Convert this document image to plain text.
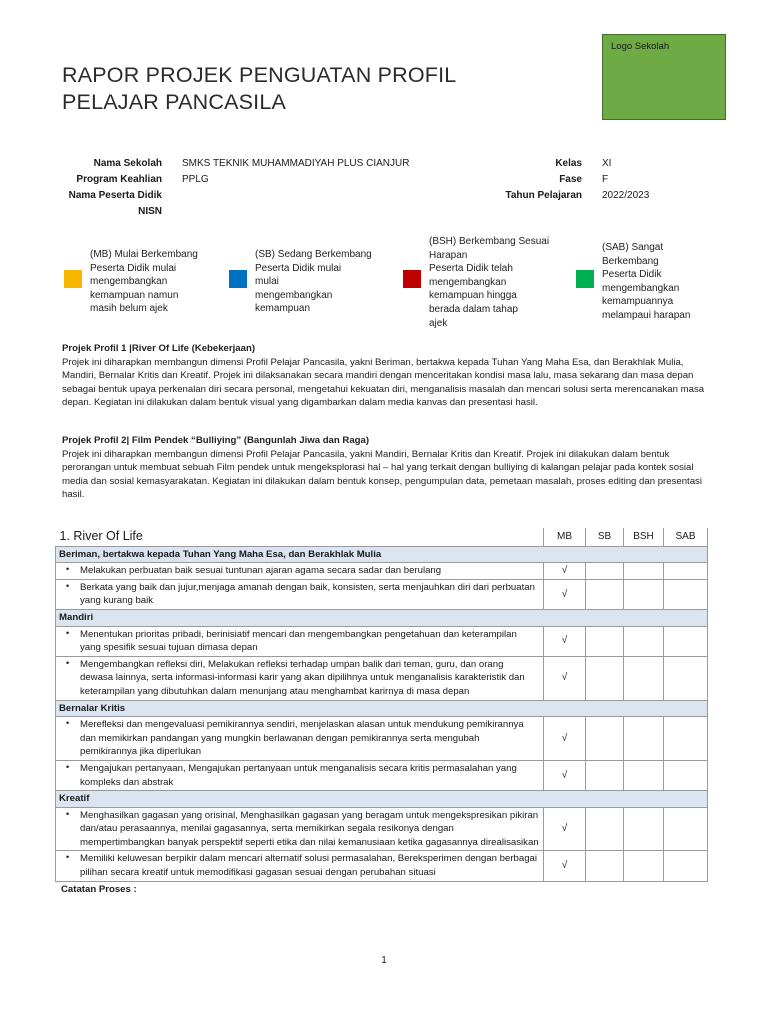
RAPOR PROJEK PENGUATAN PROFIL PELAJAR PANCASILA
Logo Sekolah
Nama Sekolah	SMKS TEKNIK MUHAMMADIYAH PLUS CIANJUR
Program Keahlian	PPLG
Nama Peserta Didik
NISN
Kelas	XI
Fase	F
Tahun Pelajaran	2022/2023
(MB) Mulai Berkembang
Peserta Didik mulai
mengembangkan
kemampuan namun
masih belum ajek
(SB) Sedang Berkembang
Peserta Didik mulai
mulai
mengembangkan
kemampuan
(BSH) Berkembang Sesuai
Harapan
Peserta Didik telah
mengembangkan
kemampuan hingga
berada dalam tahap
ajek
(SAB) Sangat
Berkembang
Peserta Didik
mengembangkan
kemampuannya
melampaui harapan
Projek Profil 1 |River Of Life (Kebekerjaan)
Projek ini diharapkan membangun dimensi Profil Pelajar Pancasila, yakni Beriman, bertakwa kepada Tuhan Yang Maha Esa, dan Berakhlak Mulia, Mandiri, Bernalar Kritis dan Kreatif. Projek ini dilaksanakan secara mandiri dengan menceritakan kondisi masa lalu, masa sekarang dan masa depan sebagai bentuk upaya perkenalan diri secara personal, mengetahui kekuatan diri, menganalisis masalah dan mencari solusi serta merencanakan masa depan. Kegiatan ini dilakukan dalam bentuk visual yang digambarkan dalam media kanvas dan presentasi hasil.
Projek Profil 2| Film Pendek “Bulliying” (Bangunlah Jiwa dan Raga)
Projek ini diharapkan membangun dimensi Profil Pelajar Pancasila, yakni Mandiri, Bernalar Kritis dan Kreatif. Projek ini dilakukan dalam bentuk perorangan untuk membuat sebuah Film pendek untuk mengeksplorasi hal – hal yang terkait dengan bulliying di kalangan pelajar pada kontek sosial media dan sosial kemasyarakatan. Kegiatan ini dilakukan dalam bentuk konsep, pengumpulan data, pemetaan masalah, proses editing dan presentasi hasil.
1. River Of Life	MB	SB	BSH	SAB
Beriman, bertakwa kepada Tuhan Yang Maha Esa, dan Berakhlak Mulia				

• Melakukan perbuatan baik sesuai tuntunan ajaran agama secara sadar dan berulang	√			

• Berkata yang baik dan jujur,menjaga amanah dengan baik, konsisten, serta menjauhkan diri dari perbuatan yang kurang baik	√			
Mandiri				

• Menentukan prioritas pribadi, berinisiatif mencari dan mengembangkan pengetahuan dan keterampilan yang spesifik sesuai tujuan dimasa depan	√			

• Mengembangkan refleksi diri, Melakukan refleksi terhadap umpan balik dari teman, guru, dan orang dewasa lainnya, serta informasi-informasi karir yang akan dipilihnya untuk menganalisis karakteristik dan keterampilan yang dibutuhkan dalam menunjang atau menghambat karirnya di masa depan	√			
Bernalar Kritis				

• Merefleksi dan mengevaluasi pemikirannya sendiri, menjelaskan alasan untuk mendukung pemikirannya dan memikirkan pandangan yang mungkin berlawanan dengan pemikirannya serta mengubah pemikirannya jika diperlukan	√			

• Mengajukan pertanyaan, Mengajukan pertanyaan untuk menganalisis secara kritis permasalahan yang kompleks dan abstrak	√			
Kreatif				

• Menghasilkan gagasan yang orisinal, Menghasilkan gagasan yang beragam untuk mengekspresikan pikiran dan/atau perasaannya, menilai gagasannya, serta memikirkan segala resikonya dengan mempertimbangkan banyak perspektif seperti etika dan nilai kemanusiaan ketika gagasannya direalisasikan	√			

• Memiliki keluwesan berpikir dalam mencari alternatif solusi permasalahan, Bereksperimen dengan berbagai pilihan secara kreatif untuk memodifikasi gagasan sesuai dengan perubahan situasi	√			
Catatan Proses :
1
